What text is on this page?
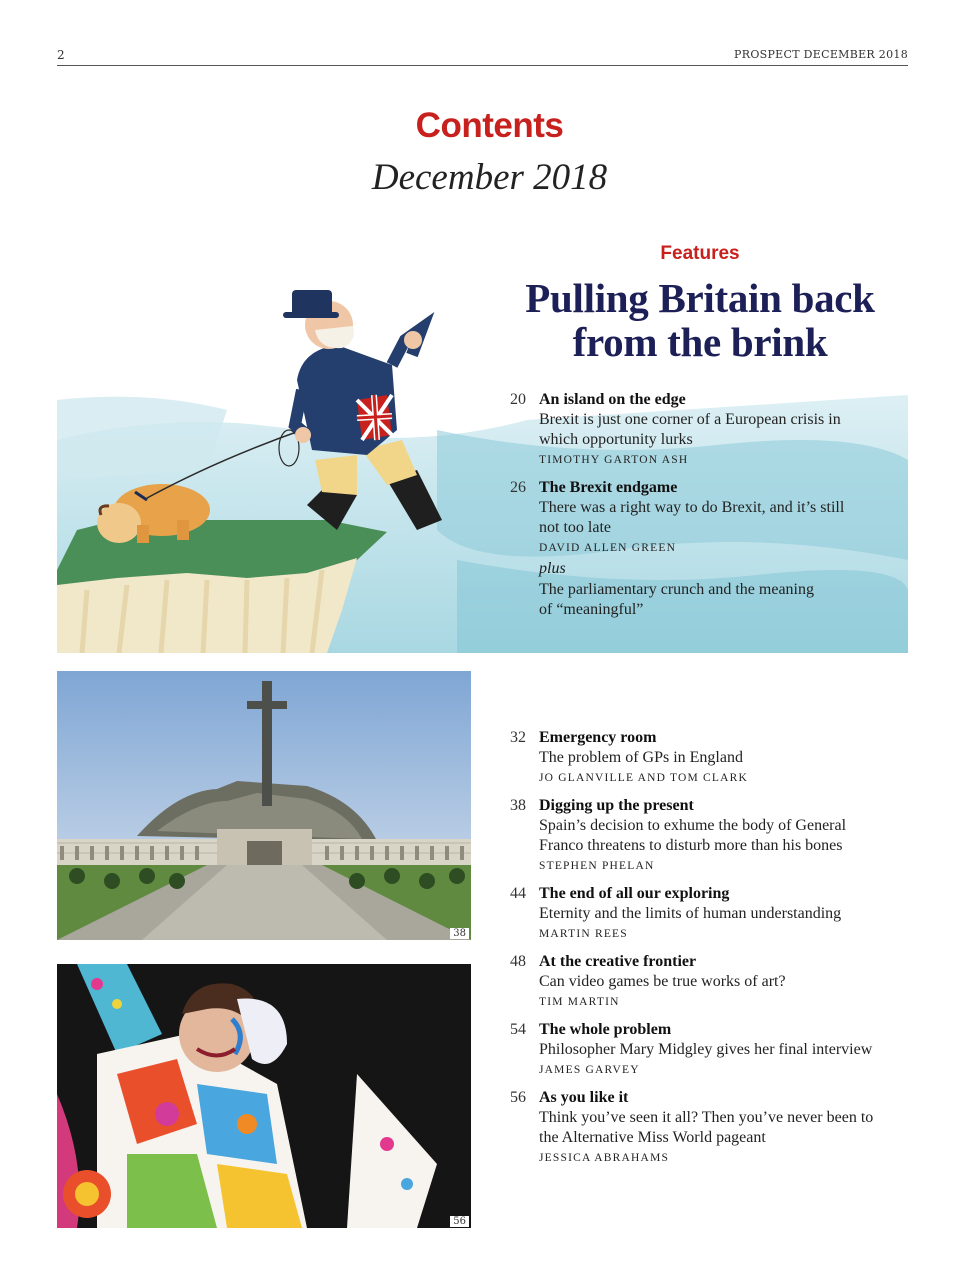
2	PROSPECT DECEMBER 2018
Contents
December 2018
Features
Pulling Britain back
from the brink
20 An island on the edge
Brexit is just one corner of a European crisis in
which opportunity lurks
TIMOTHY GARTON ASH
26 The Brexit endgame
There was a right way to do Brexit, and it’s still
not too late
DAVID ALLEN GREEN
plus
The parliamentary crunch and the meaning
of “meaningful”
38
56
32 Emergency room
The problem of GPs in England
JO GLANVILLE AND TOM CLARK
38 Digging up the present
Spain’s decision to exhume the body of General
Franco threatens to disturb more than his bones
STEPHEN PHELAN
44 The end of all our exploring
Eternity and the limits of human understanding
MARTIN REES
48 At the creative frontier
Can video games be true works of art?
TIM MARTIN
54 The whole problem
Philosopher Mary Midgley gives her final interview
JAMES GARVEY
56 As you like it
Think you’ve seen it all? Then you’ve never been to
the Alternative Miss World pageant
JESSICA ABRAHAMS
